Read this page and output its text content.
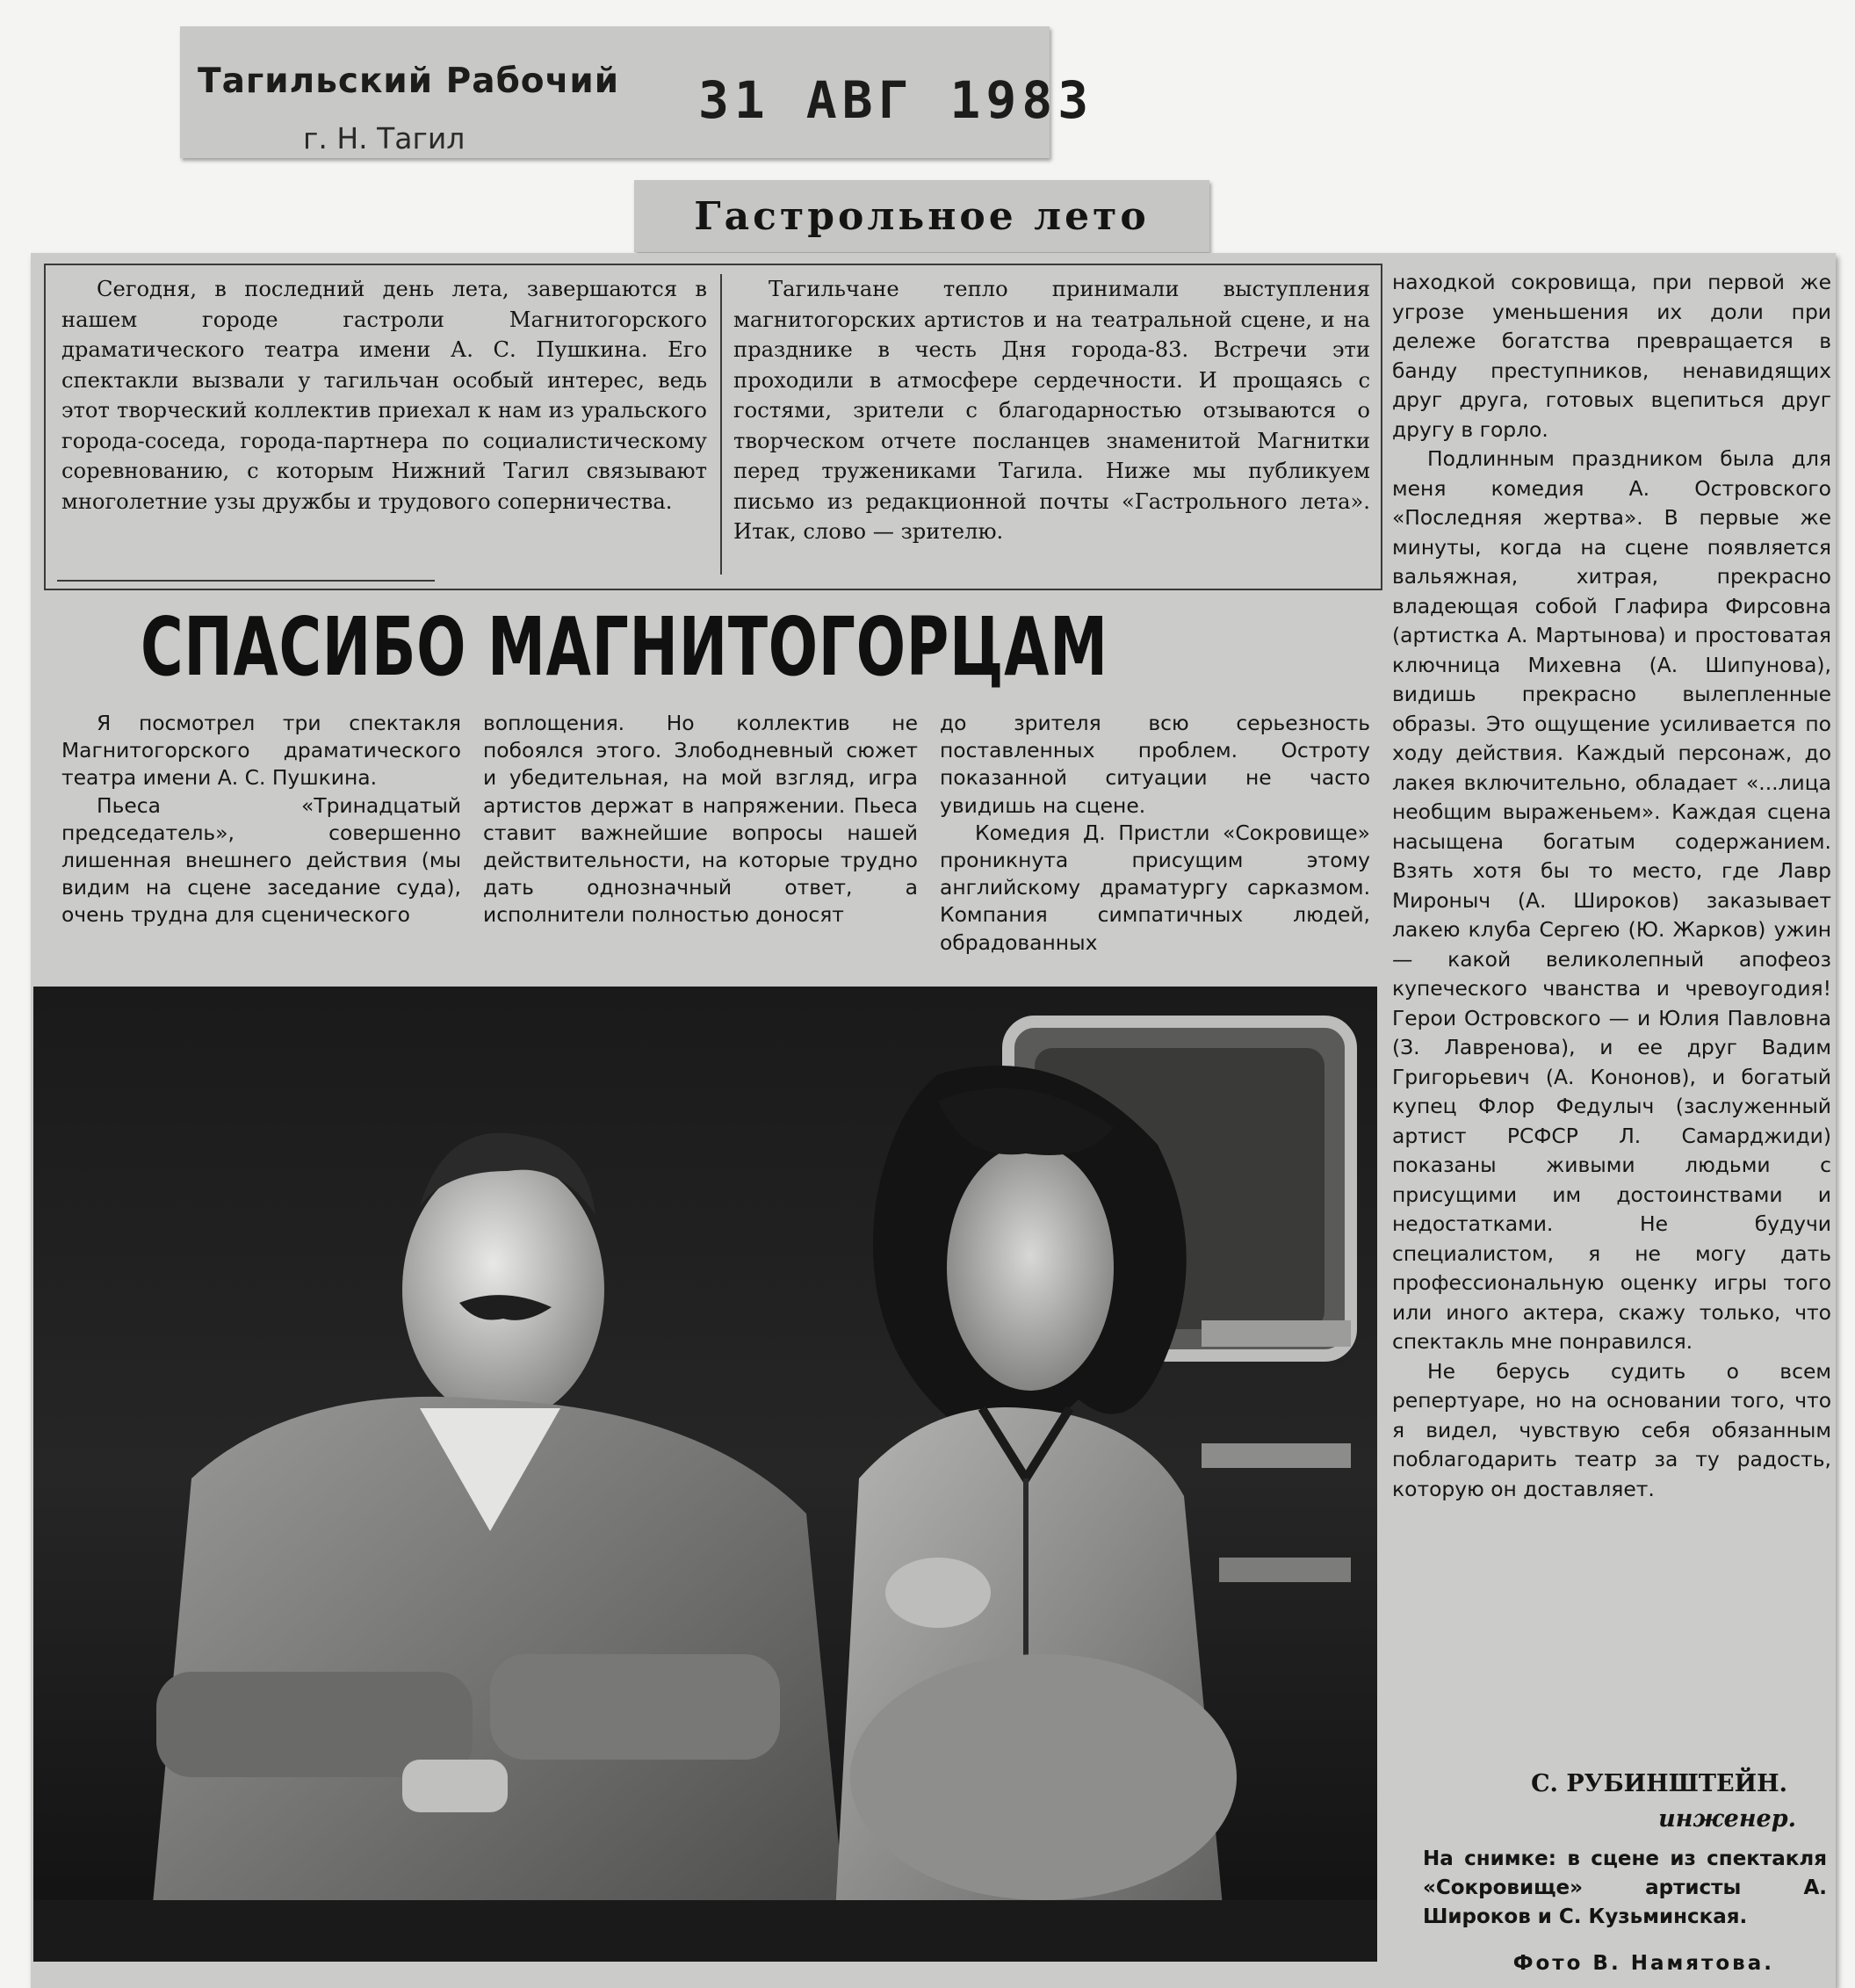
Тагильский Рабочий
г. Н. Тагил
31 АВГ 1983
Гастрольное лето

Сегодня, в последний день лета, завершаются в нашем городе гастроли Магнитогорского драматического театра имени А. С. Пушкина. Его спектакли вызвали у тагильчан особый интерес, ведь этот творческий коллектив приехал к нам из уральского города-соседа, города-партнера по социалистическому соревнованию, с которым Нижний Тагил связывают многолетние узы дружбы и трудового соперничества.

Тагильчане тепло принимали выступления магнитогорских артистов и на театральной сцене, и на празднике в честь Дня города-83. Встречи эти проходили в атмосфере сердечности. И прощаясь с гостями, зрители с благодарностью отзываются о творческом отчете посланцев знаменитой Магнитки перед тружениками Тагила. Ниже мы публикуем письмо из редакционной почты «Гастрольного лета». Итак, слово — зрителю.

СПАСИБО МАГНИТОГОРЦАМ

Я посмотрел три спектакля Магнитогорского драматического театра имени А. С. Пушкина.

Пьеса «Тринадцатый председатель», совершенно лишенная внешнего действия (мы видим на сцене заседание суда), очень трудна для сценического

воплощения. Но коллектив не побоялся этого. Злободневный сюжет и убедительная, на мой взгляд, игра артистов держат в напряжении. Пьеса ставит важнейшие вопросы нашей действительности, на которые трудно дать однозначный ответ, а исполнители полностью доносят

до зрителя всю серьезность поставленных проблем. Остроту показанной ситуации не часто увидишь на сцене.

Комедия Д. Пристли «Сокровище» проникнута присущим этому английскому драматургу сарказмом. Компания симпатичных людей, обрадованных

находкой сокровища, при первой же угрозе уменьшения их доли при дележе богатства превращается в банду преступников, ненавидящих друг друга, готовых вцепиться друг другу в горло.

Подлинным праздником была для меня комедия А. Островского «Последняя жертва». В первые же минуты, когда на сцене появляется вальяжная, хитрая, прекрасно владеющая собой Глафира Фирсовна (артистка А. Мартынова) и простоватая ключница Михевна (А. Шипунова), видишь прекрасно вылепленные образы. Это ощущение усиливается по ходу действия. Каждый персонаж, до лакея включительно, обладает «...лица необщим выраженьем». Каждая сцена насыщена богатым содержанием. Взять хотя бы то место, где Лавр Мироныч (А. Широков) заказывает лакею клуба Сергею (Ю. Жарков) ужин — какой великолепный апофеоз купеческого чванства и чревоугодия! Герои Островского — и Юлия Павловна (З. Лавренова), и ее друг Вадим Григорьевич (А. Кононов), и богатый купец Флор Федулыч (заслуженный артист РСФСР Л. Самарджиди) показаны живыми людьми с присущими им достоинствами и недостатками. Не будучи специалистом, я не могу дать профессиональную оценку игры того или иного актера, скажу только, что спектакль мне понравился.

Не берусь судить о всем репертуаре, но на основании того, что я видел, чувствую себя обязанным поблагодарить театр за ту радость, которую он доставляет.

С. РУБИНШТЕЙН.
инженер.
На снимке: в сцене из спектакля «Сокровище» артисты А. Широков и С. Кузьминская.
Фото В. Намятова.
